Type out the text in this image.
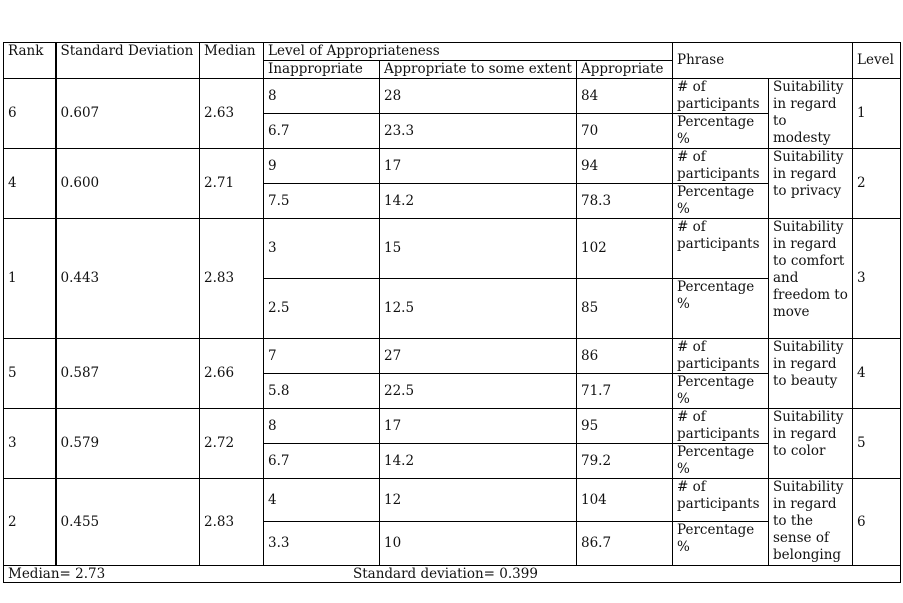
Rank	Standard Deviation	Median	Level of Appropriateness			Phrase		Level
			Inappropriate	Appropriate to some extent	Appropriate			
6	0.607	2.63	8	28	84	# of participants	Suitability in regard to modesty	1
			6.7	23.3	70	Percentage %		
4	0.600	2.71	9	17	94	# of participants	Suitability in regard to privacy	2
			7.5	14.2	78.3	Percentage %		
1	0.443	2.83	3	15	102	# of participants	Suitability in regard to comfort and freedom to move	3
			2.5	12.5	85	Percentage %		
5	0.587	2.66	7	27	86	# of participants	Suitability in regard to beauty	4
			5.8	22.5	71.7	Percentage %		
3	0.579	2.72	8	17	95	# of participants	Suitability in regard to color	5
			6.7	14.2	79.2	Percentage %		
2	0.455	2.83	4	12	104	# of participants	Suitability in regard to the sense of belonging	6
			3.3	10	86.7	Percentage %		

Median= 2.73 Standard deviation= 0.399								
